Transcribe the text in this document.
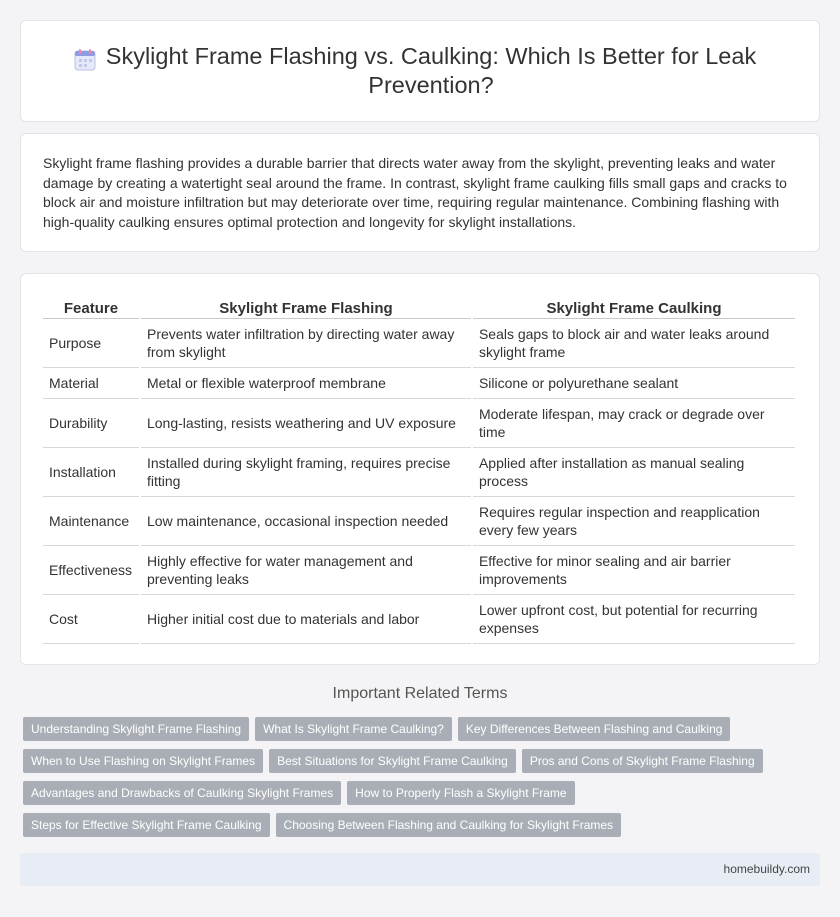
Skylight Frame Flashing vs. Caulking: Which Is Better for Leak Prevention?

Skylight frame flashing provides a durable barrier that directs water away from the skylight, preventing leaks and water damage by creating a watertight seal around the frame. In contrast, skylight frame caulking fills small gaps and cracks to block air and moisture infiltration but may deteriorate over time, requiring regular maintenance. Combining flashing with high-quality caulking ensures optimal protection and longevity for skylight installations.

Feature	Skylight Frame Flashing	Skylight Frame Caulking
Purpose	Prevents water infiltration by directing water away from skylight	Seals gaps to block air and water leaks around skylight frame
Material	Metal or flexible waterproof membrane	Silicone or polyurethane sealant
Durability	Long-lasting, resists weathering and UV exposure	Moderate lifespan, may crack or degrade over time
Installation	Installed during skylight framing, requires precise fitting	Applied after installation as manual sealing process
Maintenance	Low maintenance, occasional inspection needed	Requires regular inspection and reapplication every few years
Effectiveness	Highly effective for water management and preventing leaks	Effective for minor sealing and air barrier improvements
Cost	Higher initial cost due to materials and labor	Lower upfront cost, but potential for recurring expenses
Important Related Terms
Understanding Skylight Frame Flashing	What Is Skylight Frame Caulking?	Key Differences Between Flashing and Caulking
When to Use Flashing on Skylight Frames	Best Situations for Skylight Frame Caulking	Pros and Cons of Skylight Frame Flashing
Advantages and Drawbacks of Caulking Skylight Frames	How to Properly Flash a Skylight Frame
Steps for Effective Skylight Frame Caulking	Choosing Between Flashing and Caulking for Skylight Frames
homebuildy.com
